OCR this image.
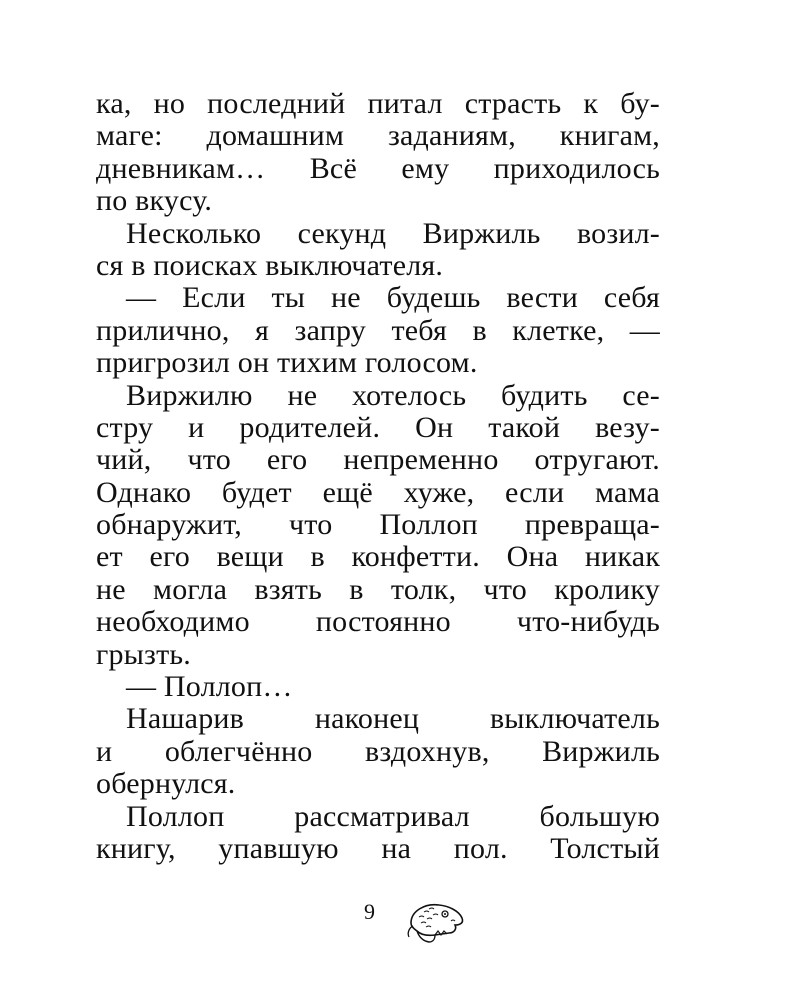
ка, но последний питал страсть к бу-
маге: домашним заданиям, книгам,
дневникам… Всё ему приходилось
по вкусу.
Несколько секунд Виржиль возил-
ся в поисках выключателя.
— Если ты не будешь вести себя
прилично, я запру тебя в клетке, —
пригрозил он тихим голосом.
Виржилю не хотелось будить се-
стру и родителей. Он такой везу-
чий, что его непременно отругают.
Однако будет ещё хуже, если мама
обнаружит, что Поллоп превраща-
ет его вещи в конфетти. Она никак
не могла взять в толк, что кролику
необходимо постоянно что-нибудь
грызть.
— Поллоп…
Нашарив наконец выключатель
и облегчённо вздохнув, Виржиль
обернулся.
Поллоп рассматривал большую
книгу, упавшую на пол. Толстый
9
